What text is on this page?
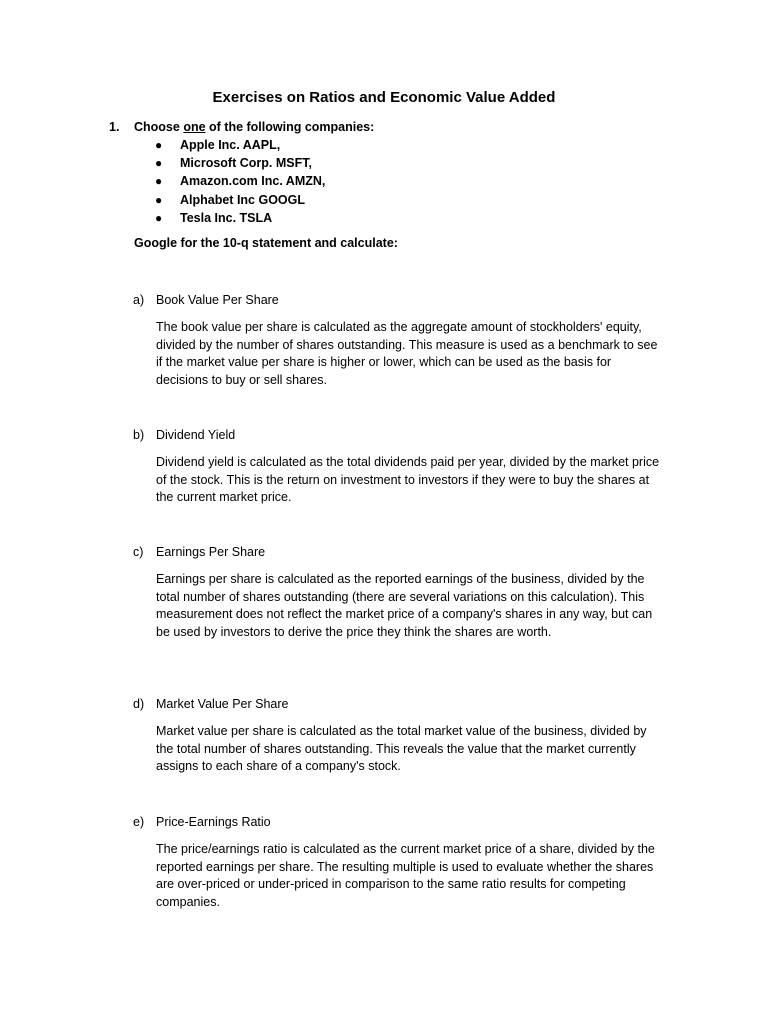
Exercises on Ratios and Economic Value Added
1. Choose one of the following companies:
● Apple Inc. AAPL,
● Microsoft Corp. MSFT,
● Amazon.com Inc. AMZN,
● Alphabet Inc GOOGL
● Tesla Inc. TSLA
Google for the 10-q statement and calculate:
a) Book Value Per Share
The book value per share is calculated as the aggregate amount of stockholders' equity, divided by the number of shares outstanding. This measure is used as a benchmark to see if the market value per share is higher or lower, which can be used as the basis for decisions to buy or sell shares.
b) Dividend Yield
Dividend yield is calculated as the total dividends paid per year, divided by the market price of the stock. This is the return on investment to investors if they were to buy the shares at the current market price.
c) Earnings Per Share
Earnings per share is calculated as the reported earnings of the business, divided by the total number of shares outstanding (there are several variations on this calculation). This measurement does not reflect the market price of a company's shares in any way, but can be used by investors to derive the price they think the shares are worth.
d) Market Value Per Share
Market value per share is calculated as the total market value of the business, divided by the total number of shares outstanding. This reveals the value that the market currently assigns to each share of a company's stock.
e) Price-Earnings Ratio
The price/earnings ratio is calculated as the current market price of a share, divided by the reported earnings per share. The resulting multiple is used to evaluate whether the shares are over-priced or under-priced in comparison to the same ratio results for competing companies.
